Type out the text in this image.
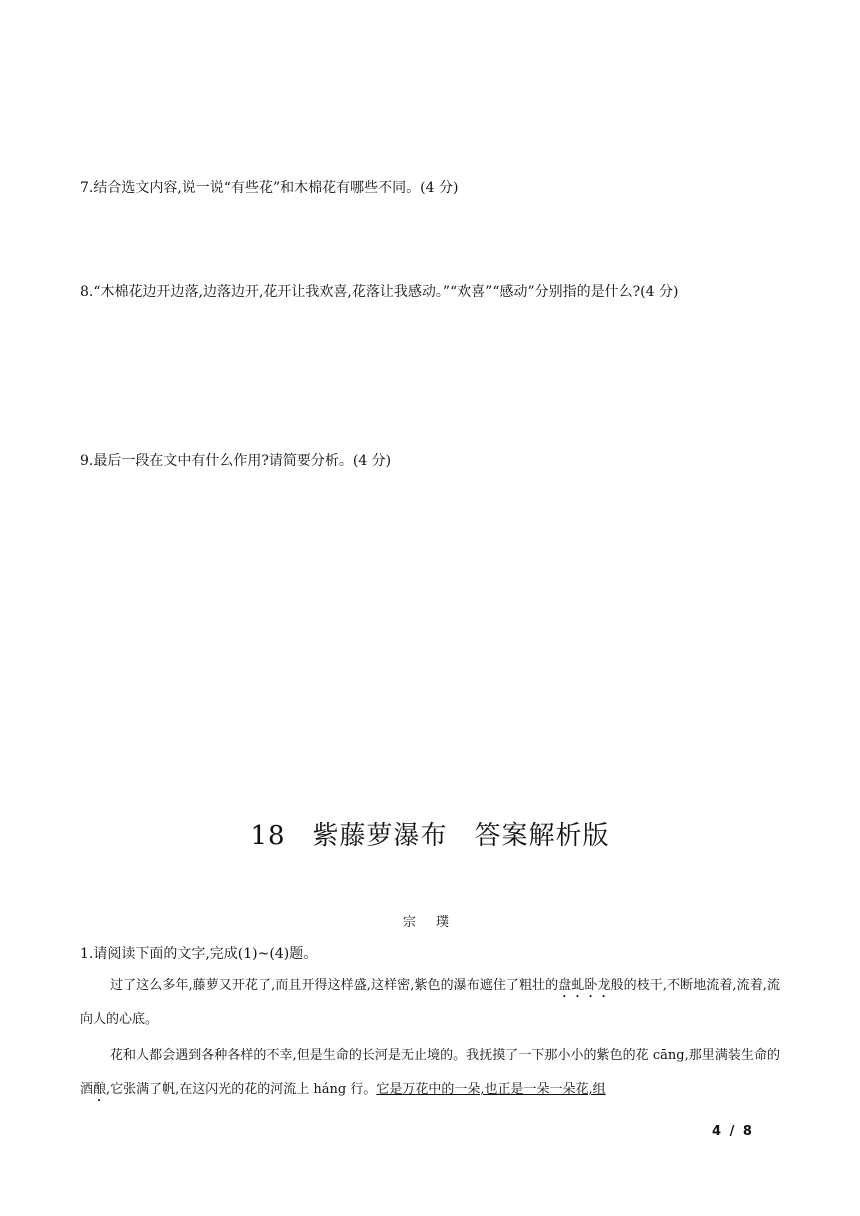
7.结合选文内容,说一说“有些花”和木棉花有哪些不同。(4 分)
8.“木棉花边开边落,边落边开,花开让我欢喜,花落让我感动。”“欢喜”“感动”分别指的是什么?(4 分)
9.最后一段在文中有什么作用?请简要分析。(4 分)
18　紫藤萝瀑布　答案解析版
宗 璞
1.请阅读下面的文字,完成(1)~(4)题。
过了这么多年,藤萝又开花了,而且开得这样盛,这样密,紫色的瀑布遮住了粗壮的盘虬卧龙般的枝干,不断地流着,流着,流向人的心底。
花和人都会遇到各种各样的不幸,但是生命的长河是无止境的。我抚摸了一下那小小的紫色的花 cāng,那里满装生命的酒酿,它张满了帆,在这闪光的花的河流上 háng 行。它是万花中的一朵,也正是一朵一朵花,组
4 / 8
